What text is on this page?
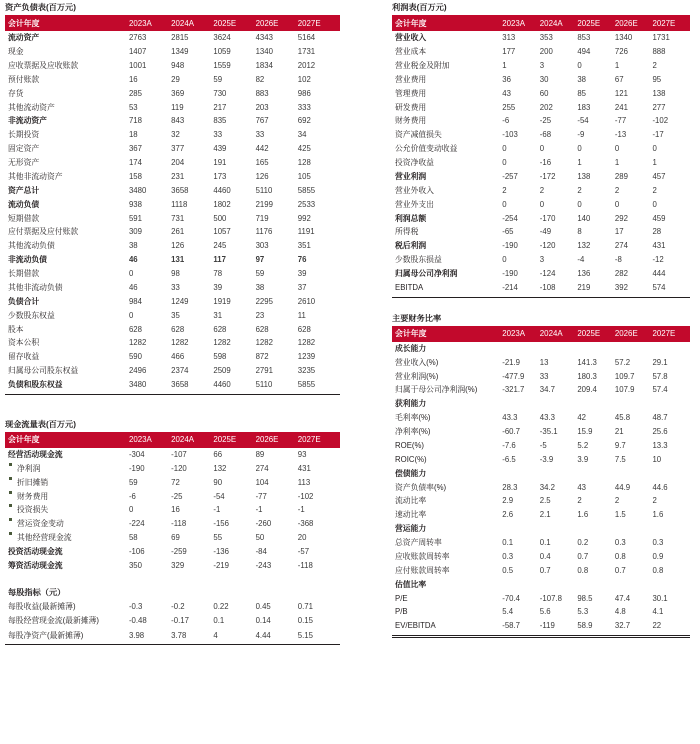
资产负债表(百万元)
会计年度	2023A	2024A	2025E	2026E	2027E
流动资产	2763	2815	3624	4343	5164
现金	1407	1349	1059	1340	1731
应收票据及应收账款	1001	948	1559	1834	2012
预付账款	16	29	59	82	102
存货	285	369	730	883	986
其他流动资产	53	119	217	203	333
非流动资产	718	843	835	767	692
长期投资	18	32	33	33	34
固定资产	367	377	439	442	425
无形资产	174	204	191	165	128
其他非流动资产	158	231	173	126	105
资产总计	3480	3658	4460	5110	5855
流动负债	938	1118	1802	2199	2533
短期借款	591	731	500	719	992
应付票据及应付账款	309	261	1057	1176	1191
其他流动负债	38	126	245	303	351
非流动负债	46	131	117	97	76
长期借款	0	98	78	59	39
其他非流动负债	46	33	39	38	37
负债合计	984	1249	1919	2295	2610
少数股东权益	0	35	31	23	11
股本	628	628	628	628	628
资本公积	1282	1282	1282	1282	1282
留存收益	590	466	598	872	1239
归属母公司股东权益	2496	2374	2509	2791	3235
负债和股东权益	3480	3658	4460	5110	5855
现金流量表(百万元)
会计年度	2023A	2024A	2025E	2026E	2027E
经营活动现金流	-304	-107	66	89	93

净利润	-190	-120	132	274	431

折旧摊销	59	72	90	104	113

财务费用	-6	-25	-54	-77	-102

投资损失	0	16	-1	-1	-1

营运资金变动	-224	-118	-156	-260	-368

其他经营现金流	58	69	55	50	20
投资活动现金流	-106	-259	-136	-84	-57
筹资活动现金流	350	329	-219	-243	-118
每股指标（元）
每股收益(最新摊薄)	-0.3	-0.2	0.22	0.45	0.71
每股经营现金流(最新摊薄)	-0.48	-0.17	0.1	0.14	0.15
每股净资产(最新摊薄)	3.98	3.78	4	4.44	5.15
利润表(百万元)
会计年度	2023A	2024A	2025E	2026E	2027E
营业收入	313	353	853	1340	1731
营业成本	177	200	494	726	888
营业税金及附加	1	3	0	1	2
营业费用	36	30	38	67	95
管理费用	43	60	85	121	138
研发费用	255	202	183	241	277
财务费用	-6	-25	-54	-77	-102
资产减值损失	-103	-68	-9	-13	-17
公允价值变动收益	0	0	0	0	0
投资净收益	0	-16	1	1	1
营业利润	-257	-172	138	289	457
营业外收入	2	2	2	2	2
营业外支出	0	0	0	0	0
利润总额	-254	-170	140	292	459
所得税	-65	-49	8	17	28
税后利润	-190	-120	132	274	431
少数股东损益	0	3	-4	-8	-12
归属母公司净利润	-190	-124	136	282	444
EBITDA	-214	-108	219	392	574
主要财务比率
会计年度	2023A	2024A	2025E	2026E	2027E
成长能力					
营业收入(%)	-21.9	13	141.3	57.2	29.1
营业利润(%)	-477.9	33	180.3	109.7	57.8
归属于母公司净利润(%)	-321.7	34.7	209.4	107.9	57.4
获利能力					
毛利率(%)	43.3	43.3	42	45.8	48.7
净利率(%)	-60.7	-35.1	15.9	21	25.6
ROE(%)	-7.6	-5	5.2	9.7	13.3
ROIC(%)	-6.5	-3.9	3.9	7.5	10
偿债能力					
资产负债率(%)	28.3	34.2	43	44.9	44.6
流动比率	2.9	2.5	2	2	2
速动比率	2.6	2.1	1.6	1.5	1.6
营运能力					
总资产周转率	0.1	0.1	0.2	0.3	0.3
应收账款周转率	0.3	0.4	0.7	0.8	0.9
应付账款周转率	0.5	0.7	0.8	0.7	0.8
估值比率					
P/E	-70.4	-107.8	98.5	47.4	30.1
P/B	5.4	5.6	5.3	4.8	4.1
EV/EBITDA	-58.7	-119	58.9	32.7	22
